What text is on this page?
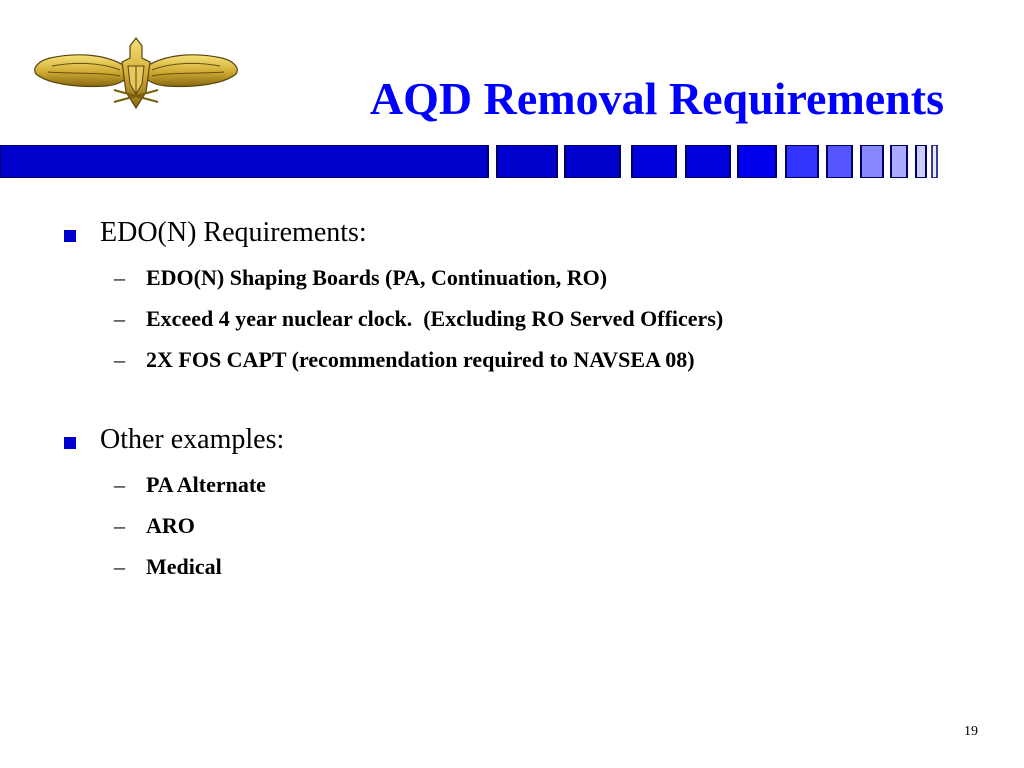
AQD Removal Requirements

EDO(N) Requirements:

– EDO(N) Shaping Boards (PA, Continuation, RO)
– Exceed 4 year nuclear clock.  (Excluding RO Served Officers)
– 2X FOS CAPT (recommendation required to NAVSEA 08)

Other examples:

– PA Alternate
– ARO
– Medical
19
